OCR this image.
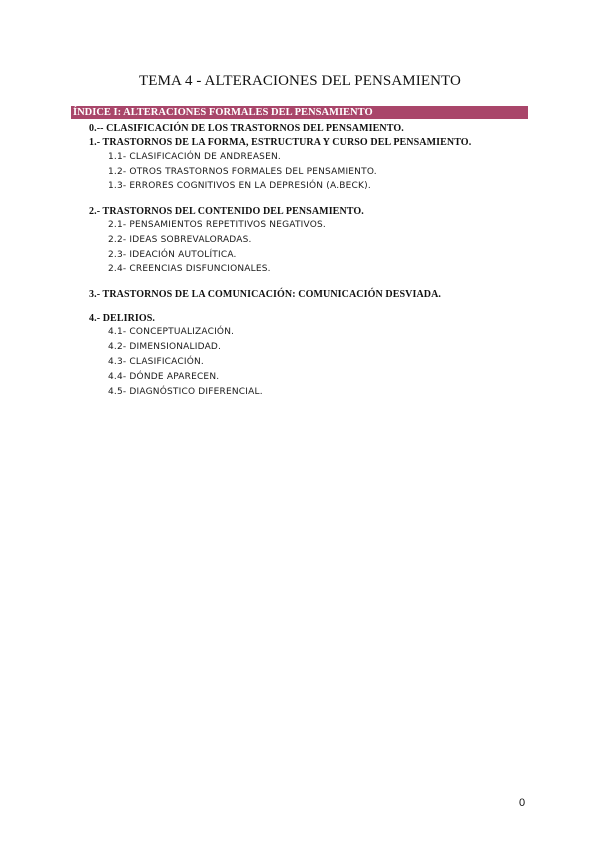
TEMA 4 - ALTERACIONES DEL PENSAMIENTO
ÍNDICE I: ALTERACIONES FORMALES DEL PENSAMIENTO
0.-- CLASIFICACIÓN DE LOS TRASTORNOS DEL PENSAMIENTO.
1.- TRASTORNOS DE LA FORMA, ESTRUCTURA Y CURSO DEL PENSAMIENTO.
1.1- CLASIFICACIÓN DE ANDREASEN.
1.2- OTROS TRASTORNOS FORMALES DEL PENSAMIENTO.
1.3- ERRORES COGNITIVOS EN LA DEPRESIÓN (A.BECK).
2.- TRASTORNOS DEL CONTENIDO DEL PENSAMIENTO.
2.1- PENSAMIENTOS REPETITIVOS NEGATIVOS.
2.2- IDEAS SOBREVALORADAS.
2.3- IDEACIÓN AUTOLÍTICA.
2.4- CREENCIAS DISFUNCIONALES.
3.- TRASTORNOS DE LA COMUNICACIÓN: COMUNICACIÓN DESVIADA.
4.- DELIRIOS.
4.1- CONCEPTUALIZACIÓN.
4.2- DIMENSIONALIDAD.
4.3- CLASIFICACIÓN.
4.4- DÓNDE APARECEN.
4.5- DIAGNÓSTICO DIFERENCIAL.
0
